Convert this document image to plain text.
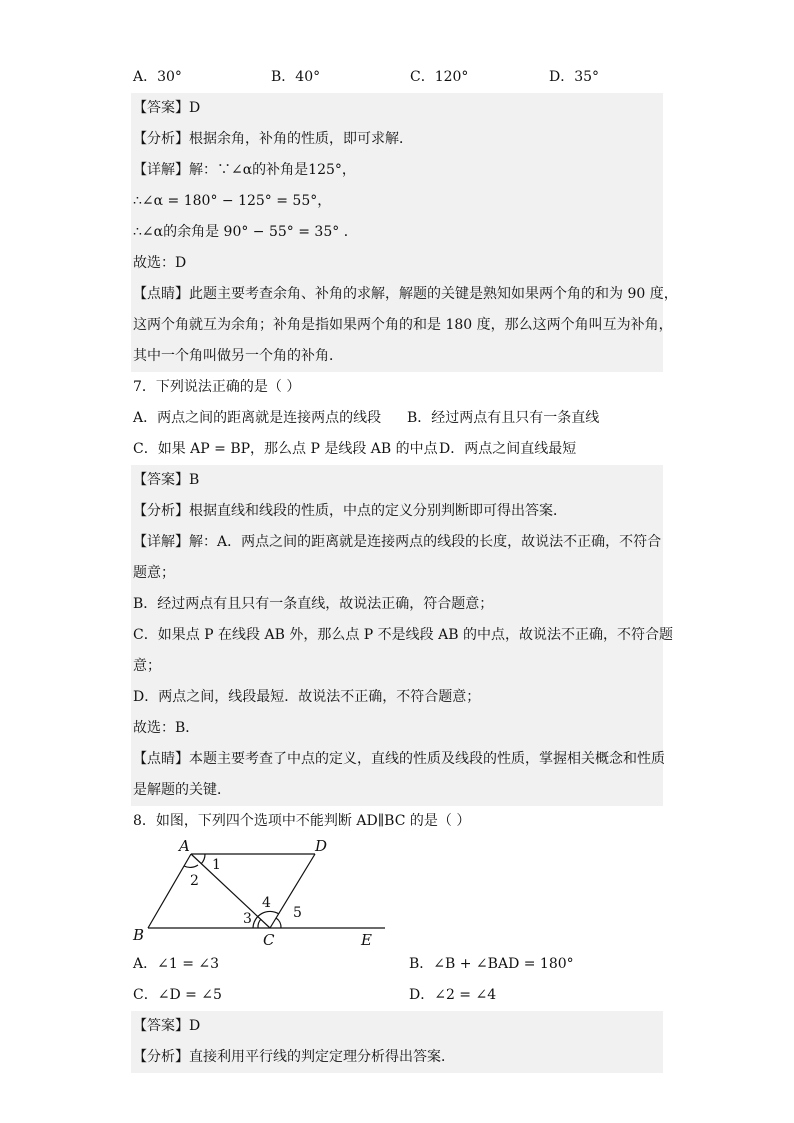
A．30°	B．40°	C．120°	D．35°
【答案】D
【分析】根据余角，补角的性质，即可求解．
【详解】解：∵∠α的补角是125°，
∴∠α = 180° − 125° = 55°，
∴∠α的余角是 90° − 55° = 35° ．
故选：D
【点睛】此题主要考查余角、补角的求解，解题的关键是熟知如果两个角的和为 90 度，
这两个角就互为余角；补角是指如果两个角的和是 180 度，那么这两个角叫互为补角，
其中一个角叫做另一个角的补角．
7．下列说法正确的是（ ）
A．两点之间的距离就是连接两点的线段 B．经过两点有且只有一条直线
C．如果 AP = BP，那么点 P 是线段 AB 的中点 D．两点之间直线最短
【答案】B
【分析】根据直线和线段的性质，中点的定义分别判断即可得出答案．
【详解】解：A．两点之间的距离就是连接两点的线段的长度，故说法不正确，不符合
题意；
B．经过两点有且只有一条直线，故说法正确，符合题意；
C．如果点 P 在线段 AB 外，那么点 P 不是线段 AB 的中点，故说法不正确，不符合题
意；
D．两点之间，线段最短．故说法不正确，不符合题意；
故选：B．
【点睛】本题主要考查了中点的定义，直线的性质及线段的性质，掌握相关概念和性质
是解题的关键．
8．如图，下列四个选项中不能判断 AD∥BC 的是（ ）
A	D
B	C	E
1
2
3
4
5
A．∠1 = ∠3	B．∠B + ∠BAD = 180°
C．∠D = ∠5	D．∠2 = ∠4
【答案】D
【分析】直接利用平行线的判定定理分析得出答案．
